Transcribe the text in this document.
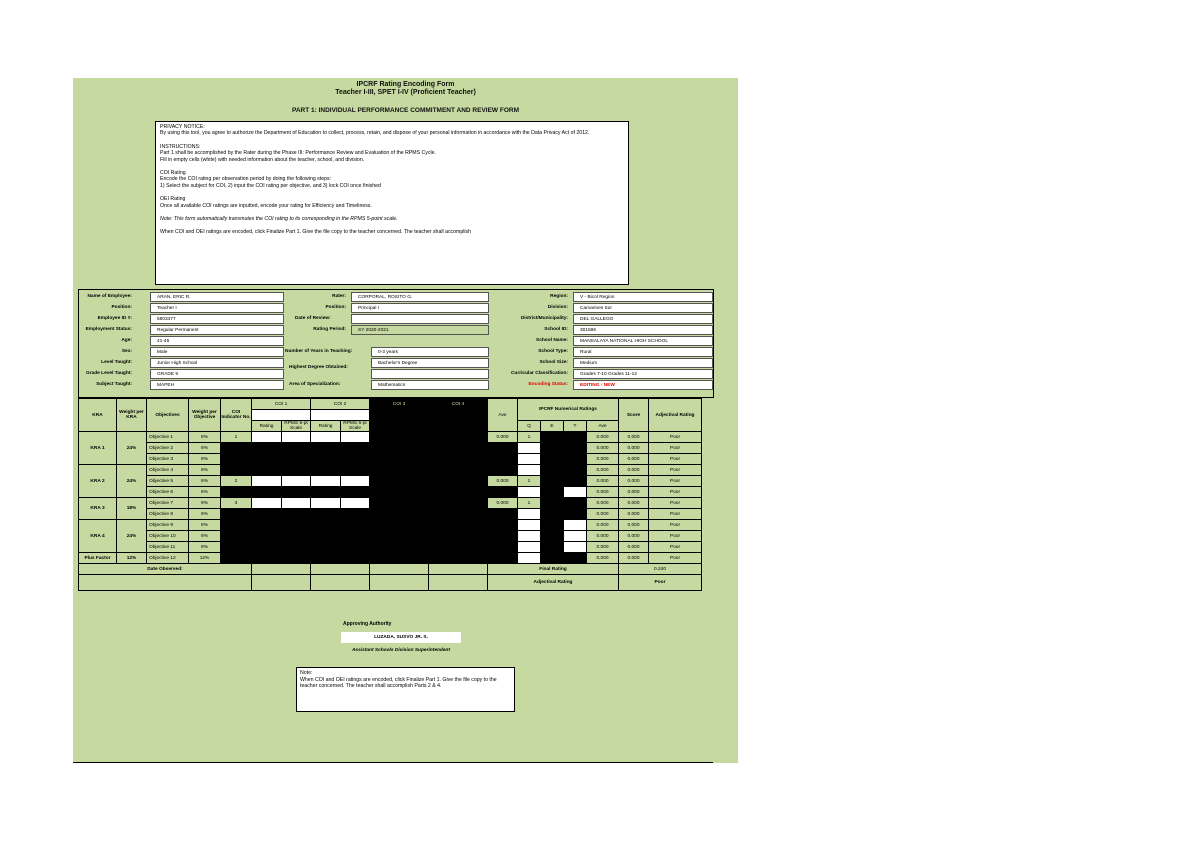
IPCRF Rating Encoding Form
Teacher I-III, SPET I-IV (Proficient Teacher)
PART 1: INDIVIDUAL PERFORMANCE COMMITMENT AND REVIEW FORM

PRIVACY NOTICE:

By using this tool, you agree to authorize the Department of Education to collect, process, retain, and dispose of your personal information in accordance with the Data Privacy Act of 2012.

INSTRUCTIONS:

Part 1 shall be accomplished by the Rater during the Phase III: Performance Review and Evaluation of the RPMS Cycle.

Fill in empty cells (white) with needed information about the teacher, school, and division.

COI Rating

Encode the COI rating per observation period by doing the following steps:

1) Select the subject for COI, 2) input the COI rating per objective, and 3) lock COI once finished

OEI Rating

Once all available COI ratings are inputted, encode your rating for Efficiency and Timeliness.

Note: This form automatically transmutes the COI rating to its corresponding in the RPMS 5-point scale.

When COI and OEI ratings are encoded, click Finalize Part 1. Give the file copy to the teacher concerned. The teacher shall accomplish

Name of Employee:	ARAN, ERIC R.
Position:	Teacher I
Employee ID #:	5803477
Employment Status:	Regular Permanent
Age:	41-45
Sex:	Male
Level Taught:	Junior High School
Grade Level Taught:	GRADE 9
Subject Taught:	MAPEH
Rater:	CORPORAL, ROSITO G.
Position:	Principal I
Date of Review:
Rating Period:	SY 2020-2021
Number of Years in Teaching:	0-3 years
Highest Degree Obtained:
Bachelor's Degree
Area of Specialization:	Mathematics
Region:	V - Bicol Region
Division:	Camarines Sur
District/Municipality:	DEL GALLEGO
School ID:	301586
School Name:	MANSALAYA NATIONAL HIGH SCHOOL
School Type:	Rural
School Size:	Medium
Curricular Classification:	Grades 7-10 Grades 11-12
Encoding Status:	EDITING - NEW
KRA	Weight per KRA	Objectives	Weight per Objective	COI Indicator No.	COI 1		COI 2		COI 3		COI 4		Ave	IPCRF Numerical Ratings				Score	Adjectival Rating

					Rating	RPMS 5-pt Scale	Rating	RPMS 5-pt Scale						Q	E	T	Ave		
KRA 1	24%	Objective 1	8%	1									0.000	1			0.000	0.000	Poor
		Objective 2	8%														0.000	0.000	Poor
		Objective 3	8%														0.000	0.000	Poor
KRA 2	24%	Objective 4	8%														0.000	0.000	Poor
		Objective 5	8%	2									0.000	1			0.000	0.000	Poor
		Objective 6	8%														0.000	0.000	Poor
KRA 3	18%	Objective 7	9%	3									0.000	1			0.000	0.000	Poor
		Objective 8	9%														0.000	0.000	Poor
KRA 4	24%	Objective 9	8%														0.000	0.000	Poor
		Objective 10	8%														0.000	0.000	Poor
		Objective 11	8%														0.000	0.000	Poor
Plus Factor	12%	Objective 12	12%														0.000	0.000	Poor
Date Observed:													Final Rating					0.240	
													Adjectival Rating					Poor	
Approving Authority
LUZADA, SUSVO JR. S.
Assistant Schools Division Superintendent
Note:
When COI and OEI ratings are encoded, click Finalize Part 1. Give the file copy to the teacher concerned. The teacher shall accomplish Parts 2 & 4.
